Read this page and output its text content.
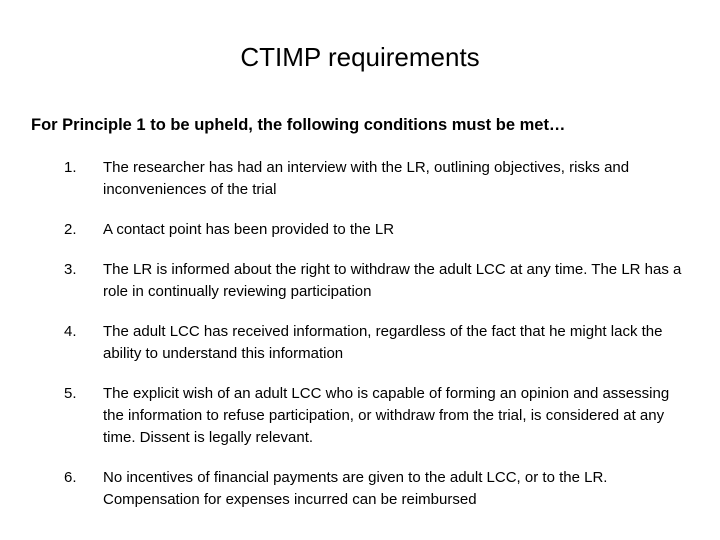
CTIMP requirements

For Principle 1 to be upheld, the following conditions must be met…

1.	The researcher has had an interview with the LR, outlining objectives, risks and inconveniences of the trial
2.	A contact point has been provided to the LR
3.	The LR is informed about the right to withdraw the adult LCC at any time. The LR has a role in continually reviewing participation
4.	The adult LCC has received information, regardless of the fact that he might lack the ability to understand this information
5.	The explicit wish of an adult LCC who is capable of forming an opinion and assessing the information to refuse participation, or withdraw from the trial, is considered at any time. Dissent is legally relevant.
6.	No incentives of financial payments are given to the adult LCC, or to the LR. Compensation for expenses incurred can be reimbursed
